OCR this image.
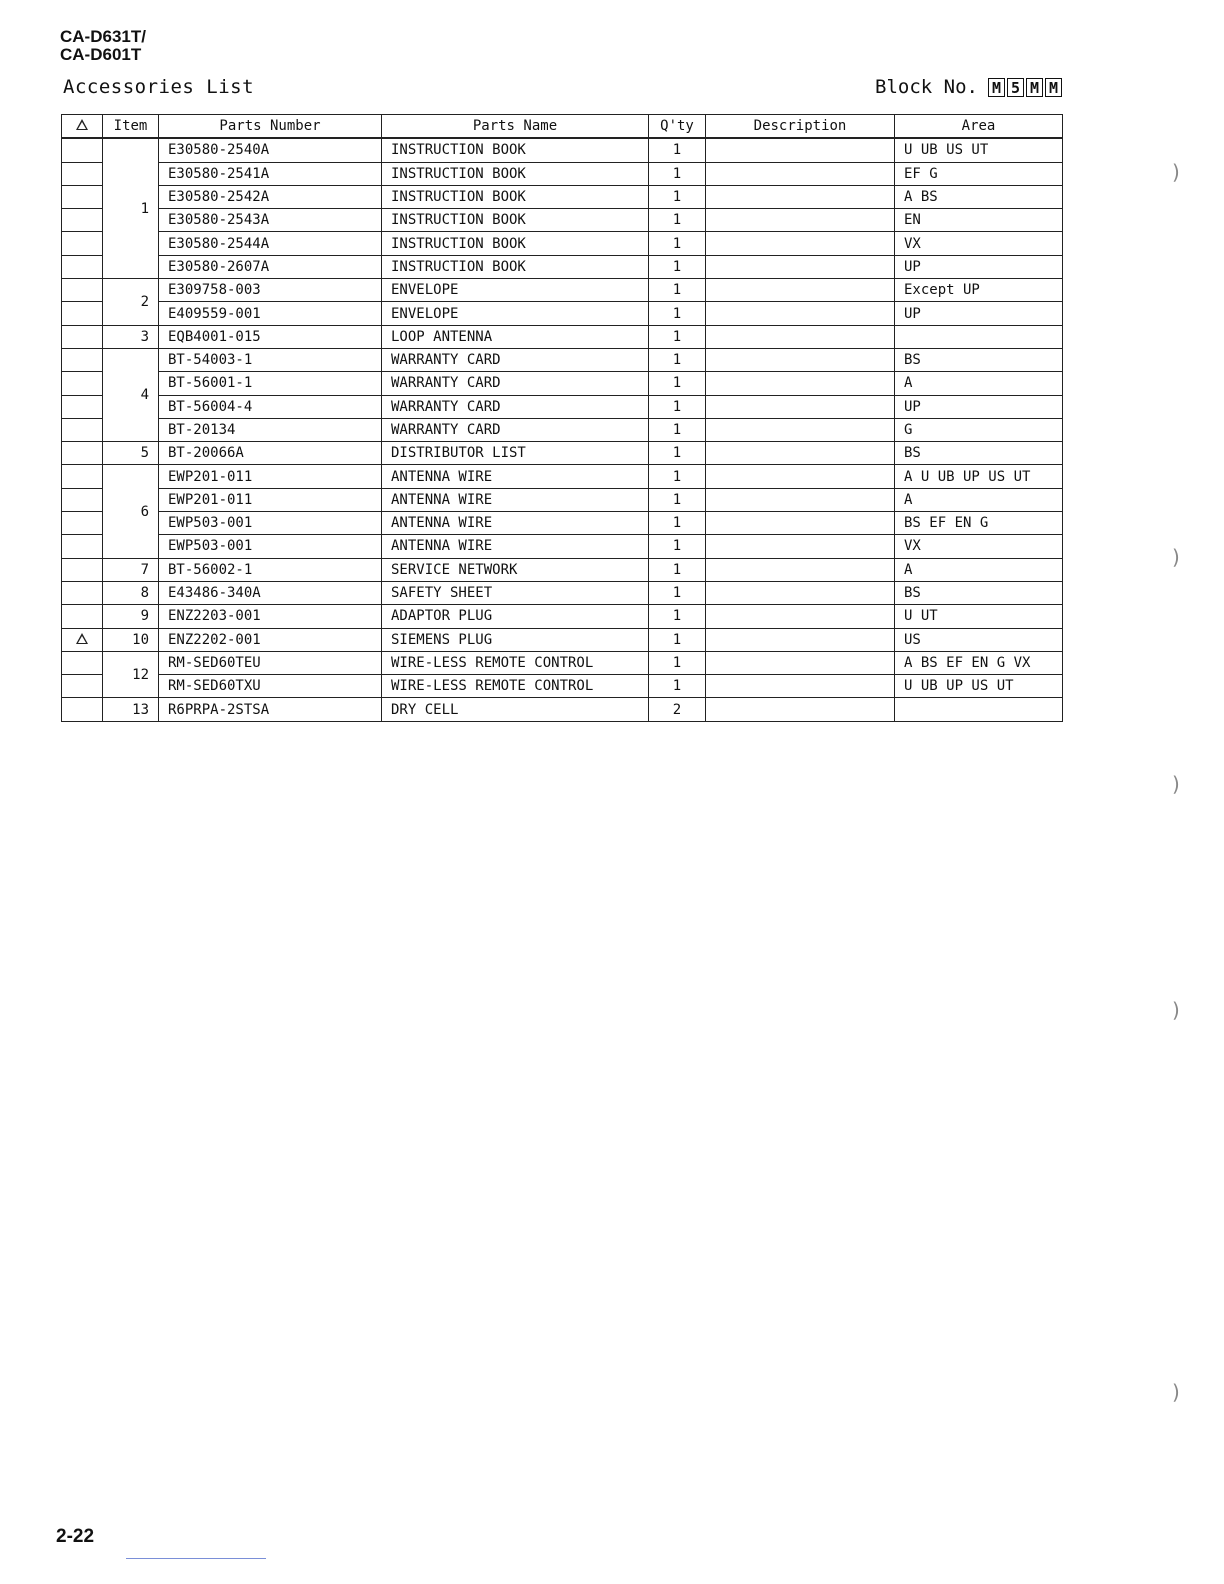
CA-D631T/
CA-D601T
Accessories List	Block No. M 5 M M
	Item	Parts Number	Parts Name	Q'ty	Description	Area
	1	E30580-2540A	INSTRUCTION BOOK	1		U UB US UT
		E30580-2541A	INSTRUCTION BOOK	1		EF G
		E30580-2542A	INSTRUCTION BOOK	1		A BS
		E30580-2543A	INSTRUCTION BOOK	1		EN
		E30580-2544A	INSTRUCTION BOOK	1		VX
		E30580-2607A	INSTRUCTION BOOK	1		UP
	2	E309758-003	ENVELOPE	1		Except UP
		E409559-001	ENVELOPE	1		UP
	3	EQB4001-015	LOOP ANTENNA	1		
	4	BT-54003-1	WARRANTY CARD	1		BS
		BT-56001-1	WARRANTY CARD	1		A
		BT-56004-4	WARRANTY CARD	1		UP
		BT-20134	WARRANTY CARD	1		G
	5	BT-20066A	DISTRIBUTOR LIST	1		BS
	6	EWP201-011	ANTENNA WIRE	1		A U UB UP US UT
		EWP201-011	ANTENNA WIRE	1		A
		EWP503-001	ANTENNA WIRE	1		BS EF EN G
		EWP503-001	ANTENNA WIRE	1		VX
	7	BT-56002-1	SERVICE NETWORK	1		A
	8	E43486-340A	SAFETY SHEET	1		BS
	9	ENZ2203-001	ADAPTOR PLUG	1		U UT
	10	ENZ2202-001	SIEMENS PLUG	1		US
	12	RM-SED60TEU	WIRE-LESS REMOTE CONTROL	1		A BS EF EN G VX
		RM-SED60TXU	WIRE-LESS REMOTE CONTROL	1		U UB UP US UT
	13	R6PRPA-2STSA	DRY CELL	2		
2-22
)
)
)
)
)
